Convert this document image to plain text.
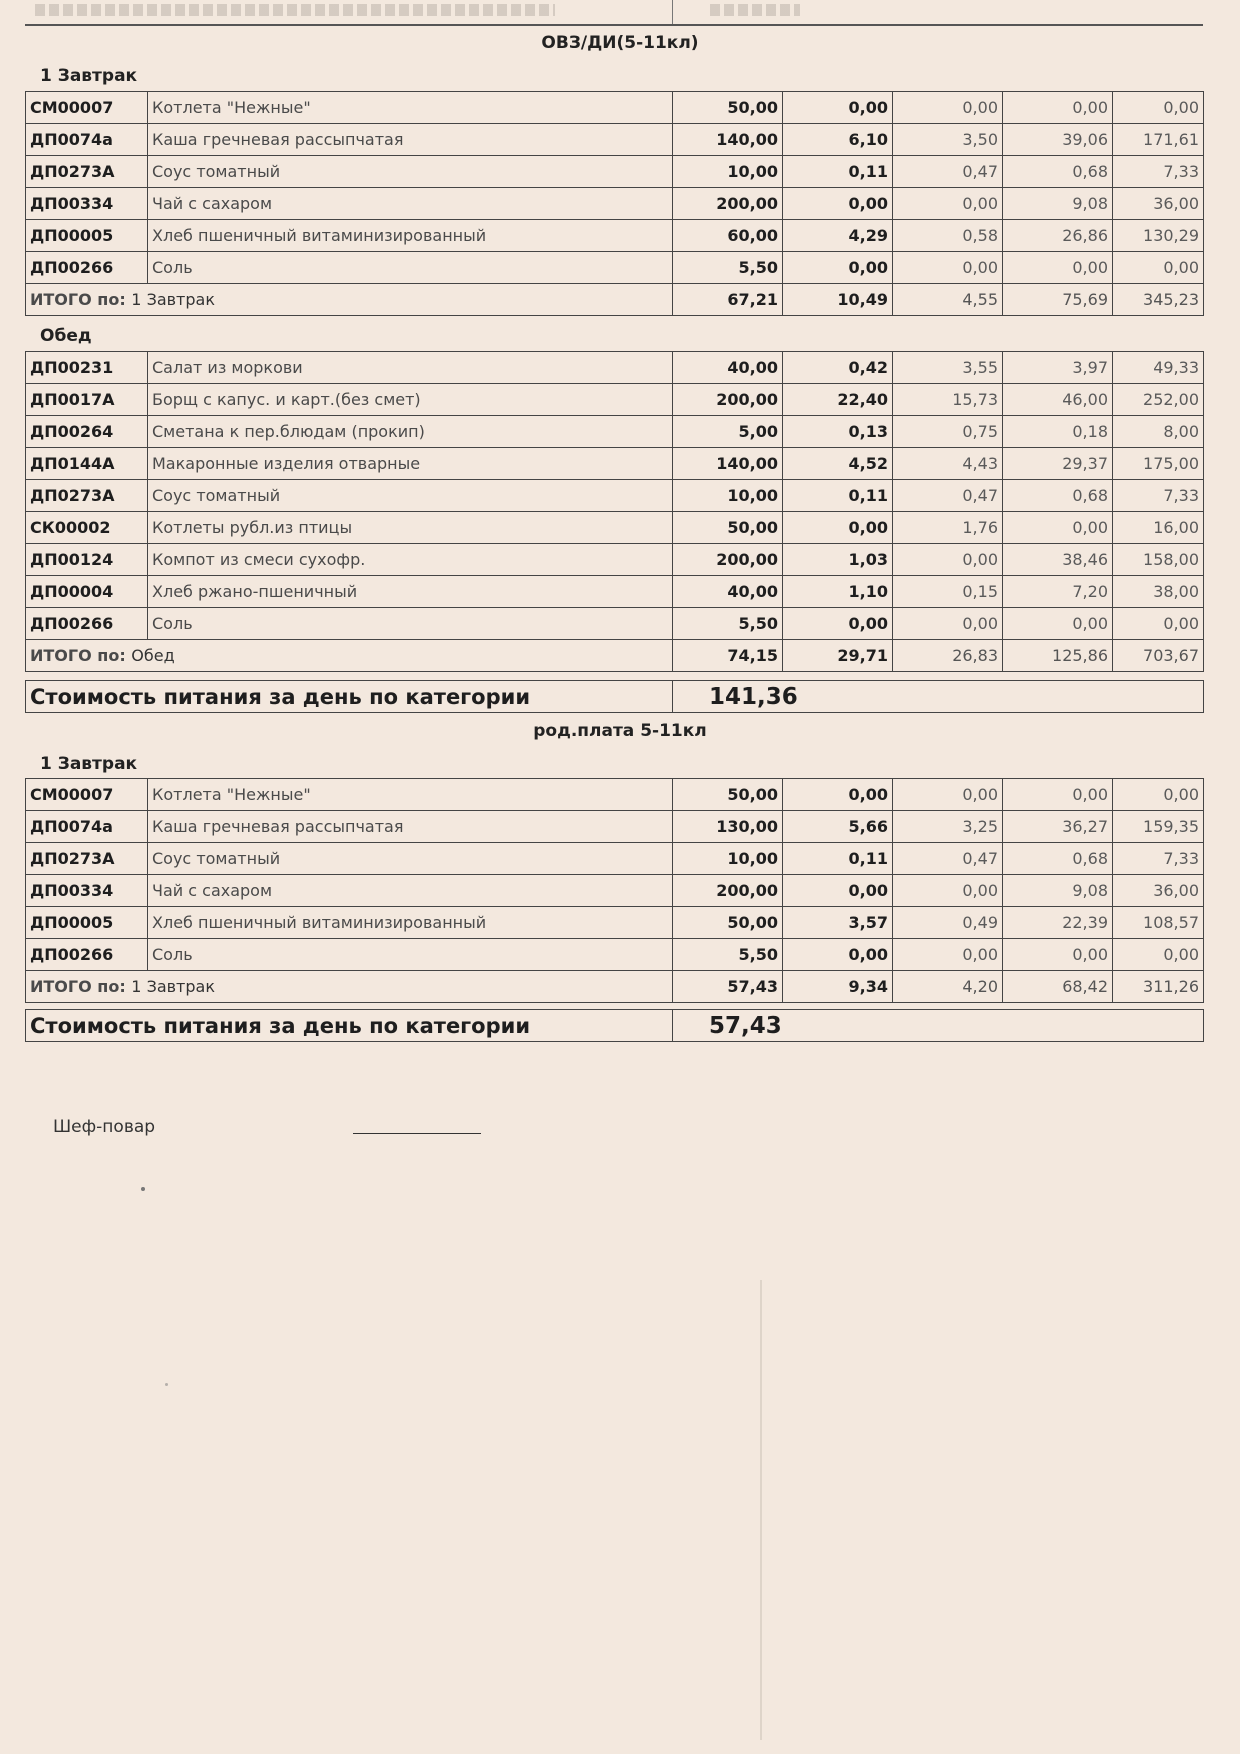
ОВЗ/ДИ(5-11кл)
1 Завтрак
СМ00007	Котлета "Нежные"	50,00	0,00	0,00	0,00	0,00
ДП0074а	Каша гречневая рассыпчатая	140,00	6,10	3,50	39,06	171,61
ДП0273А	Соус томатный	10,00	0,11	0,47	0,68	7,33
ДП00334	Чай с сахаром	200,00	0,00	0,00	9,08	36,00
ДП00005	Хлеб пшеничный витаминизированный	60,00	4,29	0,58	26,86	130,29
ДП00266	Соль	5,50	0,00	0,00	0,00	0,00
ИТОГО по: 1 Завтрак		67,21	10,49	4,55	75,69	345,23
Обед
ДП00231	Салат из моркови	40,00	0,42	3,55	3,97	49,33
ДП0017А	Борщ с капус. и карт.(без смет)	200,00	22,40	15,73	46,00	252,00
ДП00264	Сметана к пер.блюдам (прокип)	5,00	0,13	0,75	0,18	8,00
ДП0144А	Макаронные изделия отварные	140,00	4,52	4,43	29,37	175,00
ДП0273А	Соус томатный	10,00	0,11	0,47	0,68	7,33
СК00002	Котлеты рубл.из птицы	50,00	0,00	1,76	0,00	16,00
ДП00124	Компот из смеси сухофр.	200,00	1,03	0,00	38,46	158,00
ДП00004	Хлеб ржано-пшеничный	40,00	1,10	0,15	7,20	38,00
ДП00266	Соль	5,50	0,00	0,00	0,00	0,00
ИТОГО по: Обед		74,15	29,71	26,83	125,86	703,67
Стоимость питания за день по категории	141,36	
род.плата 5-11кл
1 Завтрак
СМ00007	Котлета "Нежные"	50,00	0,00	0,00	0,00	0,00
ДП0074а	Каша гречневая рассыпчатая	130,00	5,66	3,25	36,27	159,35
ДП0273А	Соус томатный	10,00	0,11	0,47	0,68	7,33
ДП00334	Чай с сахаром	200,00	0,00	0,00	9,08	36,00
ДП00005	Хлеб пшеничный витаминизированный	50,00	3,57	0,49	22,39	108,57
ДП00266	Соль	5,50	0,00	0,00	0,00	0,00
ИТОГО по: 1 Завтрак		57,43	9,34	4,20	68,42	311,26
Стоимость питания за день по категории	57,43	
Шеф-повар
